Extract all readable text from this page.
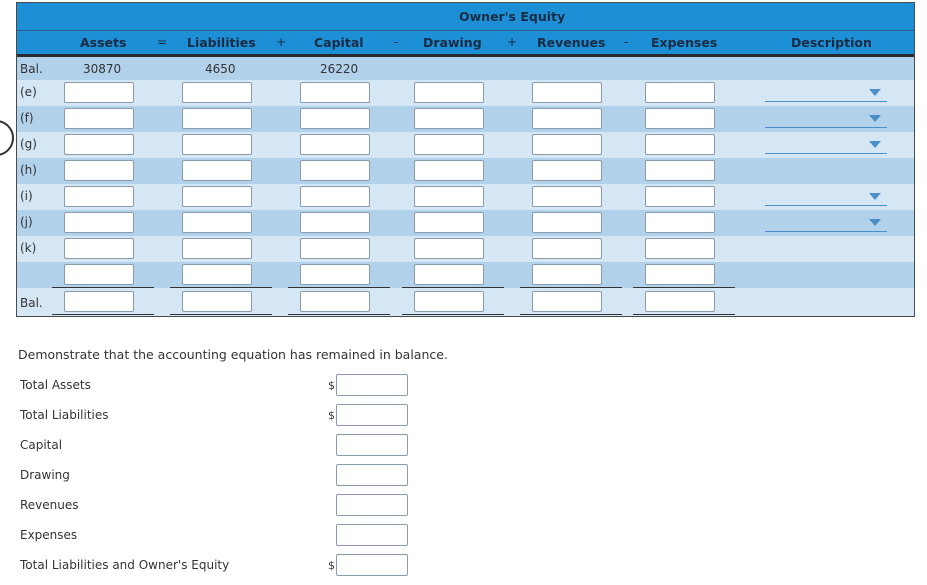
Owner's Equity
Assets	= Liabilities + Capital	- Drawing + Revenues - Expenses	Description
Bal.	30870	4650	26220
(e)
(f)
(g)
(h)
(i)
(j)
(k)
Bal.
Demonstrate that the accounting equation has remained in balance.
Total Assets	$
Total Liabilities	$
Capital
Drawing
Revenues
Expenses
Total Liabilities and Owner's Equity	$
